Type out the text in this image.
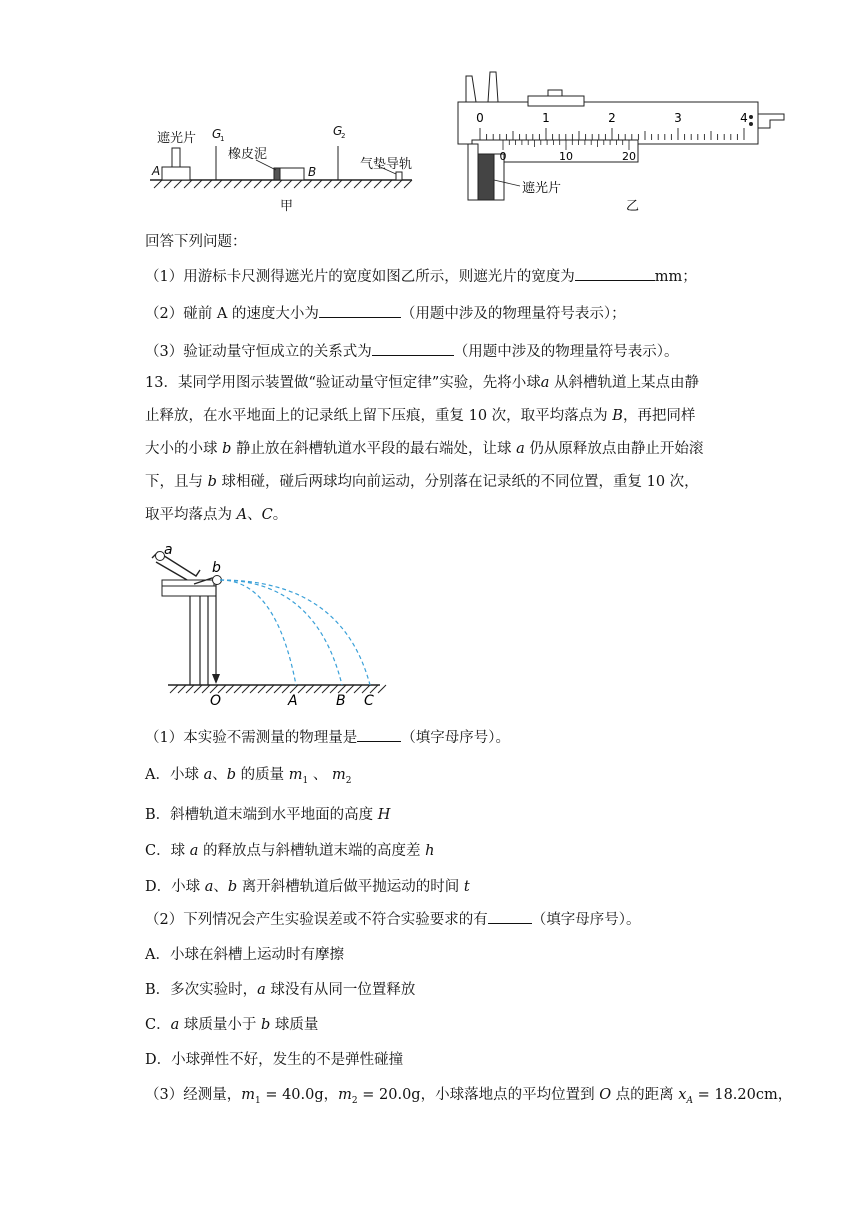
遮光片 G
1
G
2
橡皮泥
A	B	气垫导轨
甲
0	1	2	3	4
0	10	20
遮光片
乙
回答下列问题：
（1）用游标卡尺测得遮光片的宽度如图乙所示，则遮光片的宽度为	mm；
（2）碰前 A 的速度大小为	（用题中涉及的物理量符号表示）；
（3）验证动量守恒成立的关系式为	（用题中涉及的物理量符号表示）。
13．某同学用图示装置做“验证动量守恒定律”实验，先将小球a 从斜槽轨道上某点由静
止释放，在水平地面上的记录纸上留下压痕，重复 10 次，取平均落点为 B，再把同样
大小的小球 b 静止放在斜槽轨道水平段的最右端处，让球 a 仍从原释放点由静止开始滚
下，且与 b 球相碰，碰后两球均向前运动，分别落在记录纸的不同位置，重复 10 次，
取平均落点为 A、C。
a
b
O	A	B C
（1）本实验不需测量的物理量是	（填字母序号）。
A．小球 a、b 的质量 $m_1$ 、 $m_2$
B．斜槽轨道末端到水平地面的高度 H
C．球 a 的释放点与斜槽轨道末端的高度差 h
D．小球 a、b 离开斜槽轨道后做平抛运动的时间 t
（2）下列情况会产生实验误差或不符合实验要求的有	（填字母序号）。
A．小球在斜槽上运动时有摩擦
B．多次实验时，a 球没有从同一位置释放
C．a 球质量小于 b 球质量
D．小球弹性不好，发生的不是弹性碰撞
（3）经测量，$m_1 = 40.0g$，$m_2 = 20.0g$，小球落地点的平均位置到 O 点的距离 $x_A = 18.20cm$，
